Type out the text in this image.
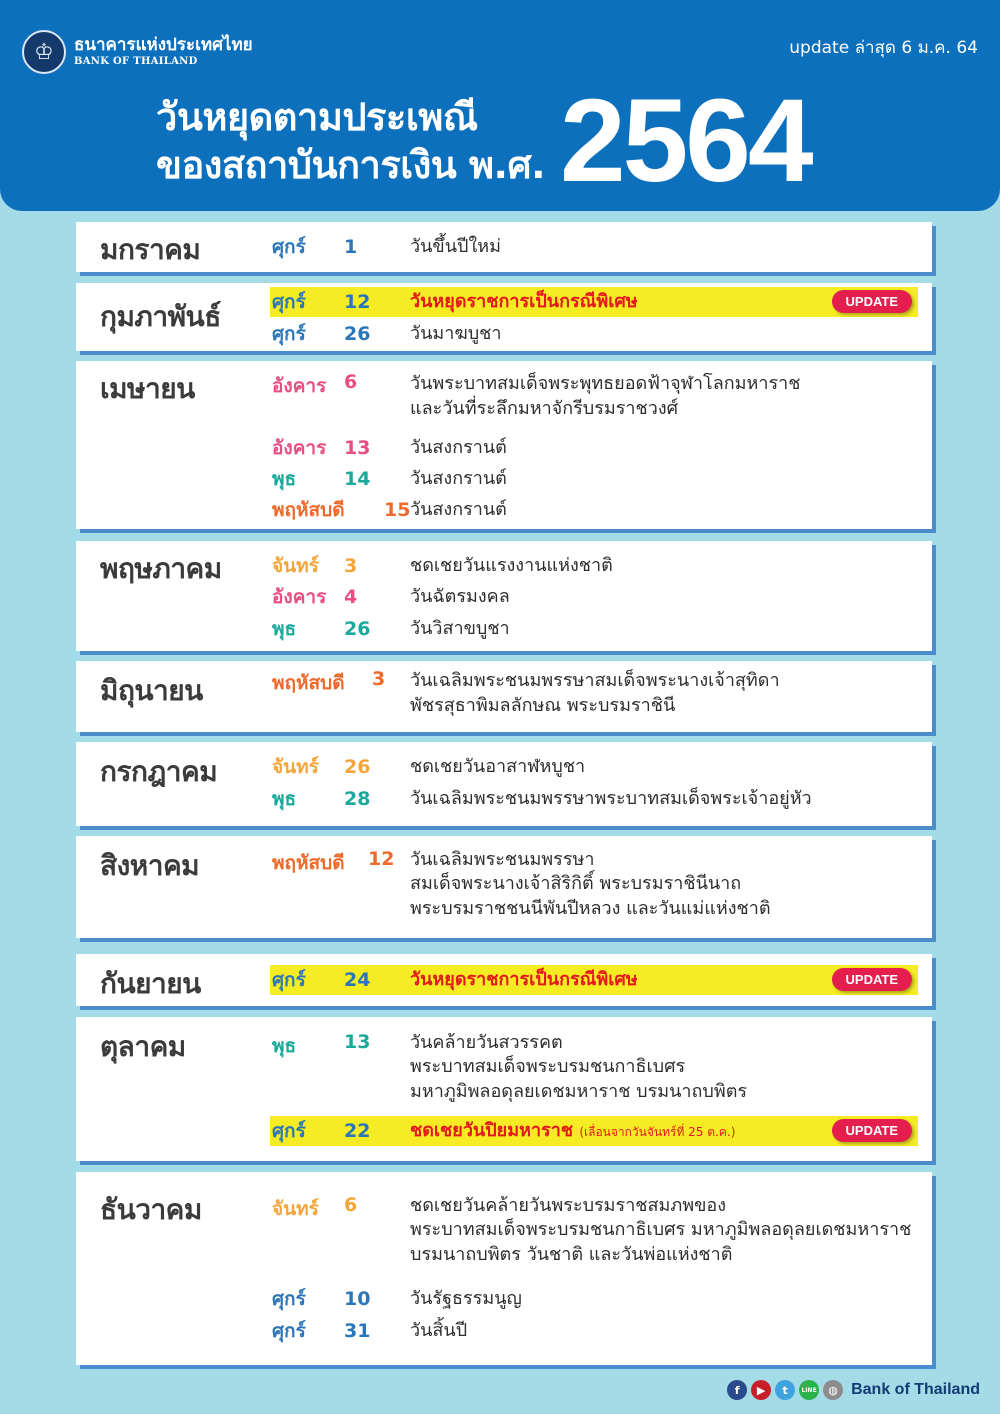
♔	ธนาคารแห่งประเทศไทย
BANK OF THAILAND
update ล่าสุด 6 ม.ค. 64
วันหยุดตามประเพณี
ของสถาบันการเงิน พ.ศ. 2564
มกราคม	ศุกร์	1	วันขึ้นปีใหม่
กุมภาพันธ์	ศุกร์	12	วันหยุดราชการเป็นกรณีพิเศษ	UPDATE
ศุกร์	26	วันมาฆบูชา
เมษายน	อังคาร 6	วันพระบาทสมเด็จพระพุทธยอดฟ้าจุฬาโลกมหาราช
และวันที่ระลึกมหาจักรีบรมราชวงศ์
อังคาร 13	วันสงกรานต์
พุธ	14	วันสงกรานต์
พฤหัสบดี	15 วันสงกรานต์
พฤษภาคม	จันทร์	3	ชดเชยวันแรงงานแห่งชาติ
อังคาร 4	วันฉัตรมงคล
พุธ	26	วันวิสาขบูชา
มิถุนายน	พฤหัสบดี	3	วันเฉลิมพระชนมพรรษาสมเด็จพระนางเจ้าสุทิดา
พัชรสุธาพิมลลักษณ พระบรมราชินี
กรกฎาคม	จันทร์	26	ชดเชยวันอาสาฬหบูชา
พุธ	28	วันเฉลิมพระชนมพรรษาพระบาทสมเด็จพระเจ้าอยู่หัว
สิงหาคม	พฤหัสบดี	12 วันเฉลิมพระชนมพรรษา
สมเด็จพระนางเจ้าสิริกิติ์ พระบรมราชินีนาถ
พระบรมราชชนนีพันปีหลวง และวันแม่แห่งชาติ
กันยายน	ศุกร์	24	วันหยุดราชการเป็นกรณีพิเศษ	UPDATE
ตุลาคม	พุธ	13	วันคล้ายวันสวรรคต
พระบาทสมเด็จพระบรมชนกาธิเบศร
มหาภูมิพลอดุลยเดชมหาราช บรมนาถบพิตร
ศุกร์	22	ชดเชยวันปิยมหาราช (เลื่อนจากวันจันทร์ที่ 25 ต.ค.)	UPDATE
ธันวาคม	จันทร์	6	ชดเชยวันคล้ายวันพระบรมราชสมภพของ
พระบาทสมเด็จพระบรมชนกาธิเบศร มหาภูมิพลอดุลยเดชมหาราช
บรมนาถบพิตร วันชาติ และวันพ่อแห่งชาติ
ศุกร์	10	วันรัฐธรรมนูญ
ศุกร์	31	วันสิ้นปี
f	▶	t	LINE	◍ Bank of Thailand
